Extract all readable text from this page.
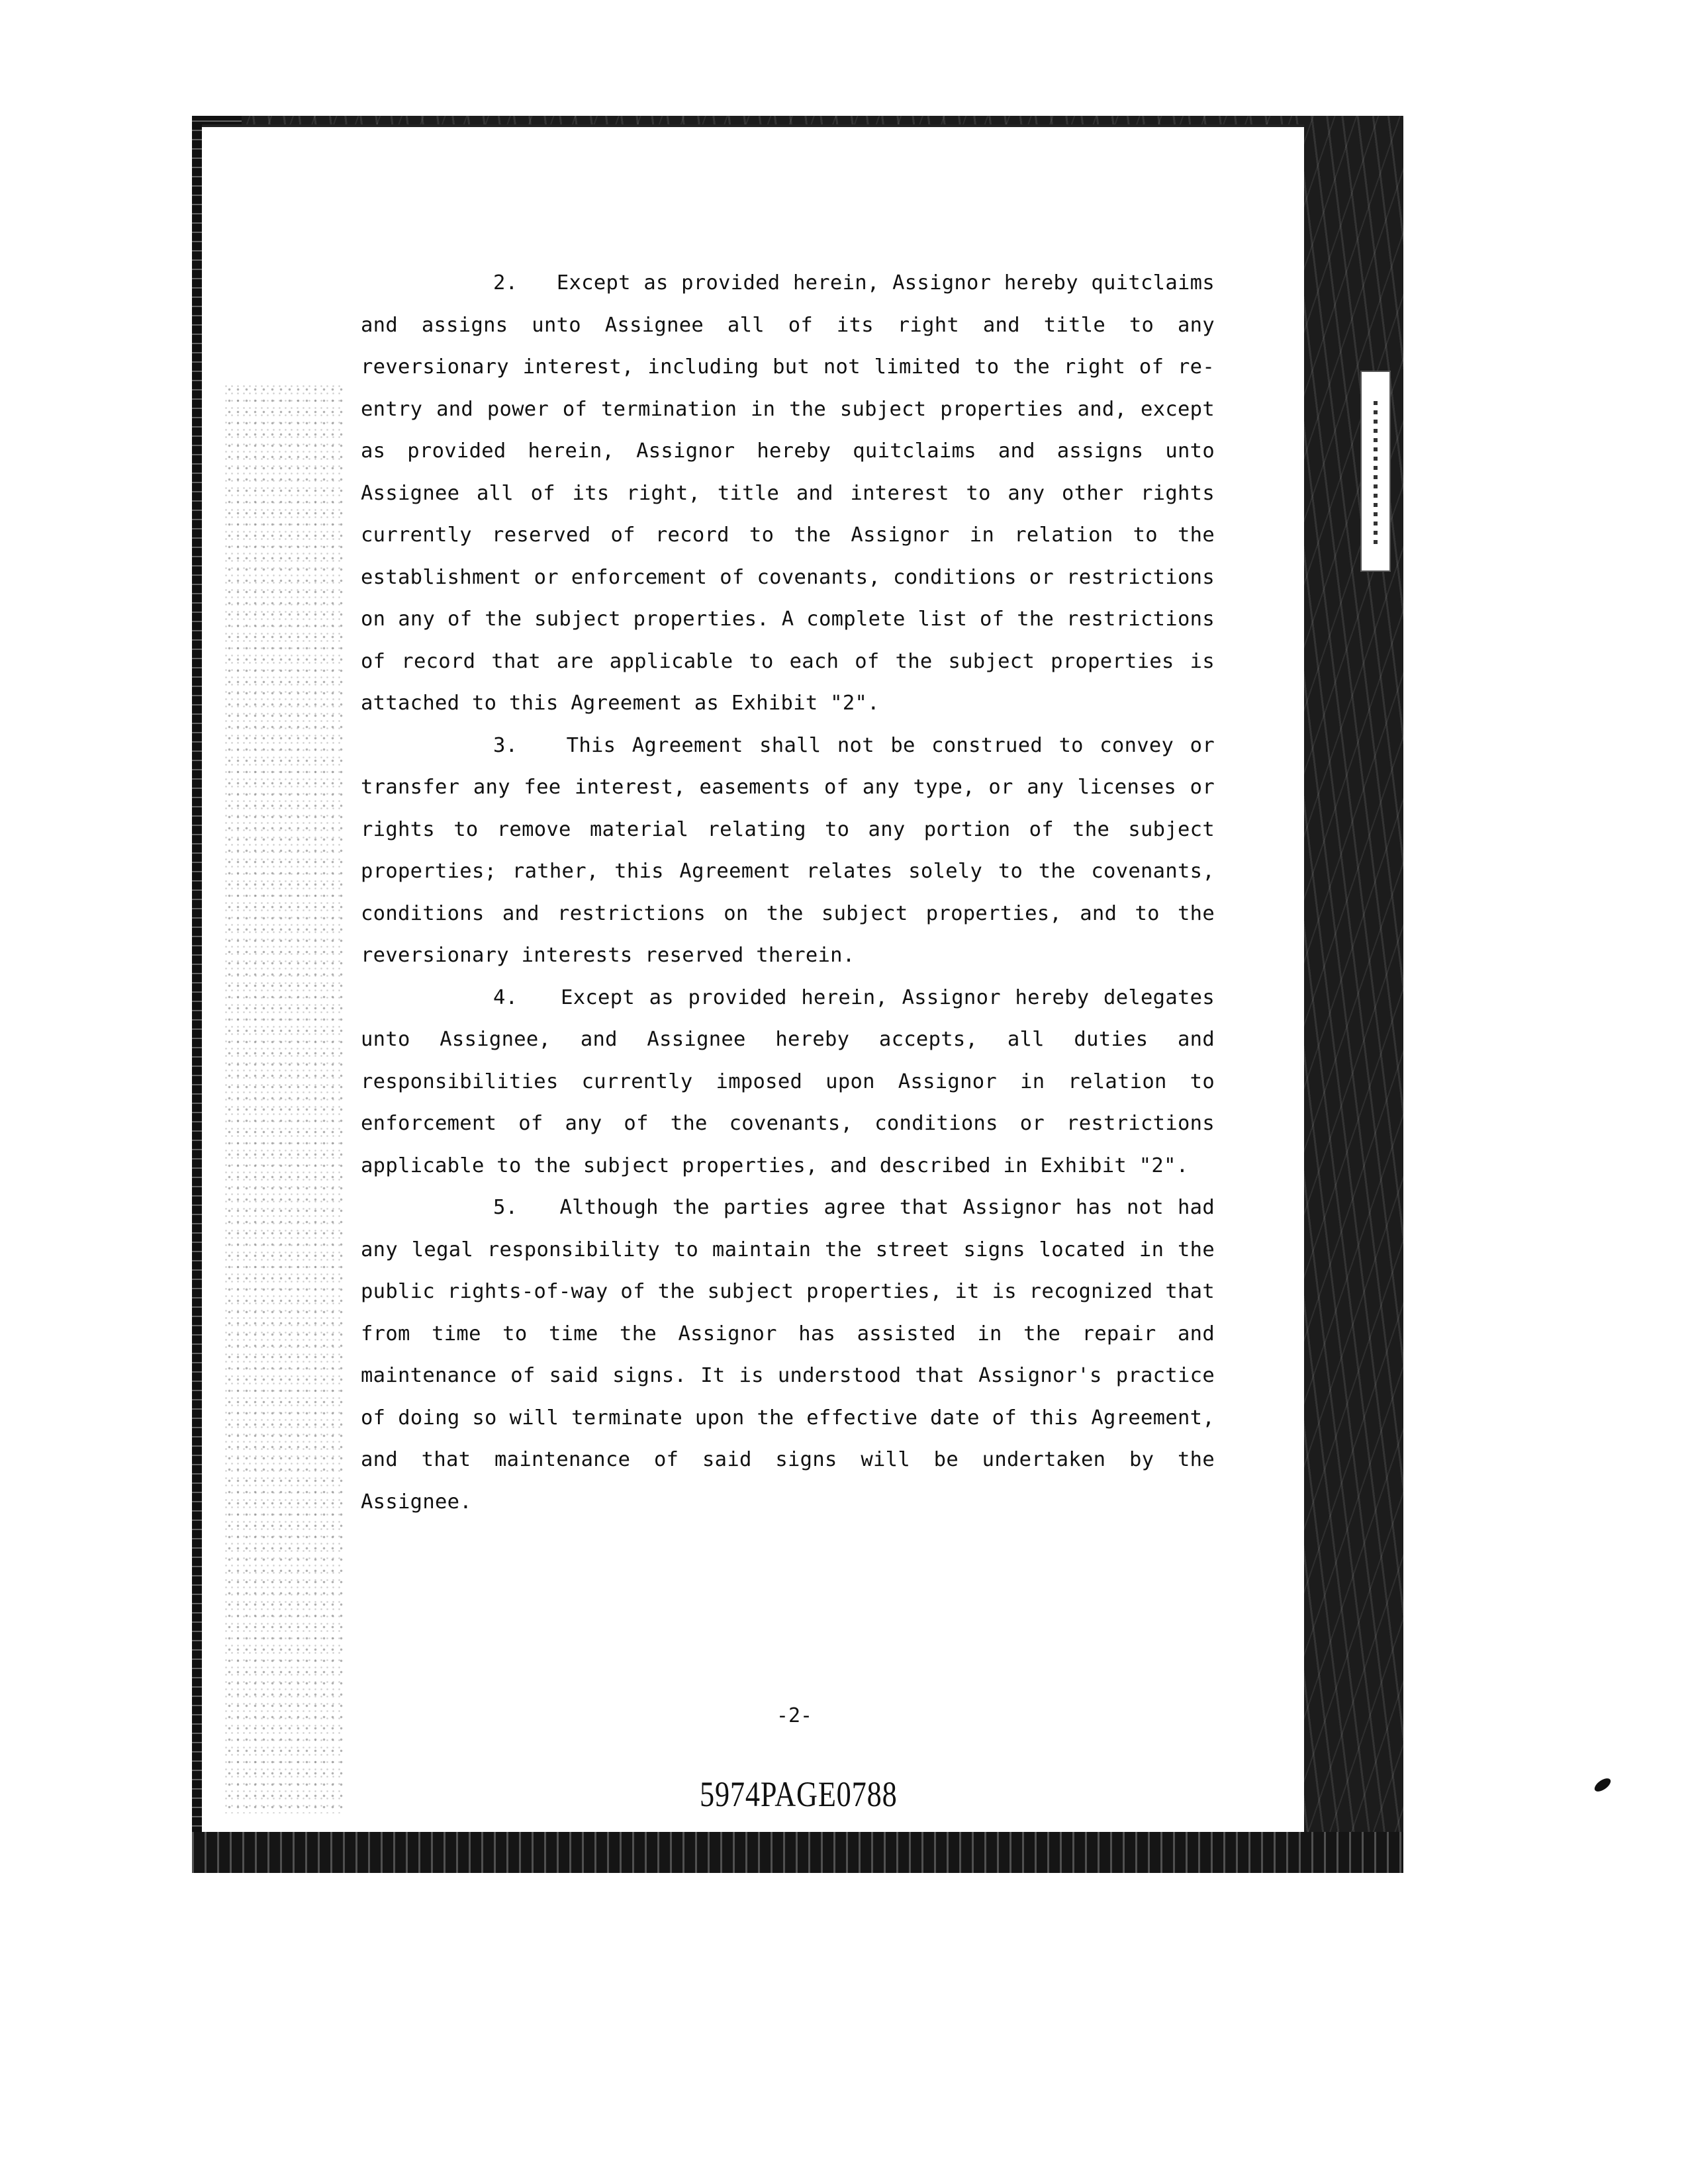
2. Except as provided herein, Assignor hereby quitclaims and assigns unto Assignee all of its right and title to any reversionary interest, including but not limited to the right of re-entry and power of termination in the subject properties and, except as provided herein, Assignor hereby quitclaims and assigns unto Assignee all of its right, title and interest to any other rights currently reserved of record to the Assignor in relation to the establishment or enforcement of covenants, conditions or restrictions on any of the subject properties. A complete list of the restrictions of record that are applicable to each of the subject properties is attached to this Agreement as Exhibit "2".

3. This Agreement shall not be construed to convey or transfer any fee interest, easements of any type, or any licenses or rights to remove material relating to any portion of the subject properties; rather, this Agreement relates solely to the covenants, conditions and restrictions on the subject properties, and to the reversionary interests reserved therein.

4. Except as provided herein, Assignor hereby delegates unto Assignee, and Assignee hereby accepts, all duties and responsibilities currently imposed upon Assignor in relation to enforcement of any of the covenants, conditions or restrictions applicable to the subject properties, and described in Exhibit "2".

5. Although the parties agree that Assignor has not had any legal responsibility to maintain the street signs located in the public rights-of-way of the subject properties, it is recognized that from time to time the Assignor has assisted in the repair and maintenance of said signs. It is understood that Assignor's practice of doing so will terminate upon the effective date of this Agreement, and that maintenance of said signs will be undertaken by the Assignee.

-2-
5974PAGE0788
